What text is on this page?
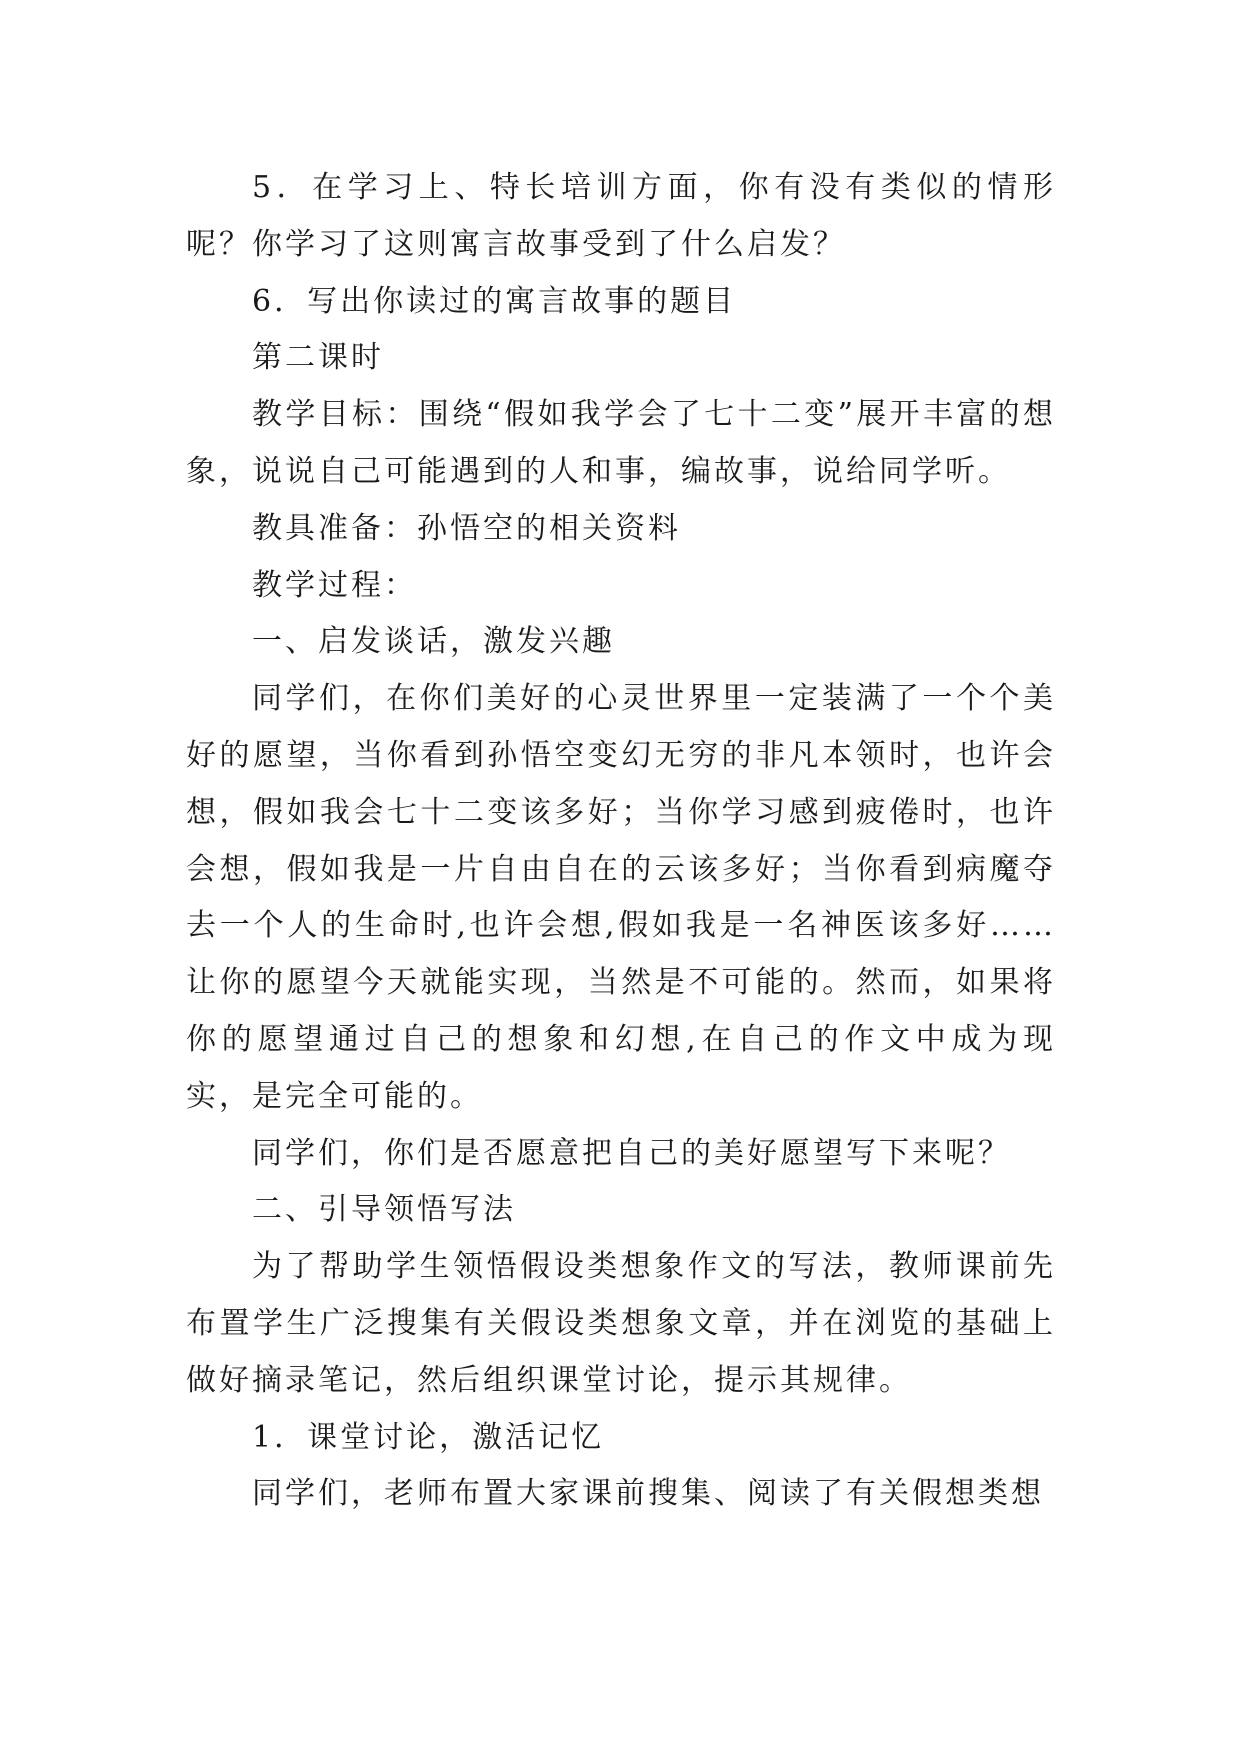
5．在学习上、特长培训方面，你有没有类似的情形呢？你学习了这则寓言故事受到了什么启发？

6．写出你读过的寓言故事的题目

第二课时

教学目标：围绕“假如我学会了七十二变”展开丰富的想象，说说自己可能遇到的人和事，编故事，说给同学听。

教具准备：孙悟空的相关资料

教学过程：

一、启发谈话，激发兴趣

同学们，在你们美好的心灵世界里一定装满了一个个美好的愿望，当你看到孙悟空变幻无穷的非凡本领时，也许会想，假如我会七十二变该多好；当你学习感到疲倦时，也许会想，假如我是一片自由自在的云该多好；当你看到病魔夺去一个人的生命时,也许会想,假如我是一名神医该多好……让你的愿望今天就能实现，当然是不可能的。然而，如果将你的愿望通过自己的想象和幻想,在自己的作文中成为现实，是完全可能的。

同学们，你们是否愿意把自己的美好愿望写下来呢？

二、引导领悟写法

为了帮助学生领悟假设类想象作文的写法，教师课前先布置学生广泛搜集有关假设类想象文章，并在浏览的基础上做好摘录笔记，然后组织课堂讨论，提示其规律。

1．课堂讨论，激活记忆

同学们，老师布置大家课前搜集、阅读了有关假想类想
